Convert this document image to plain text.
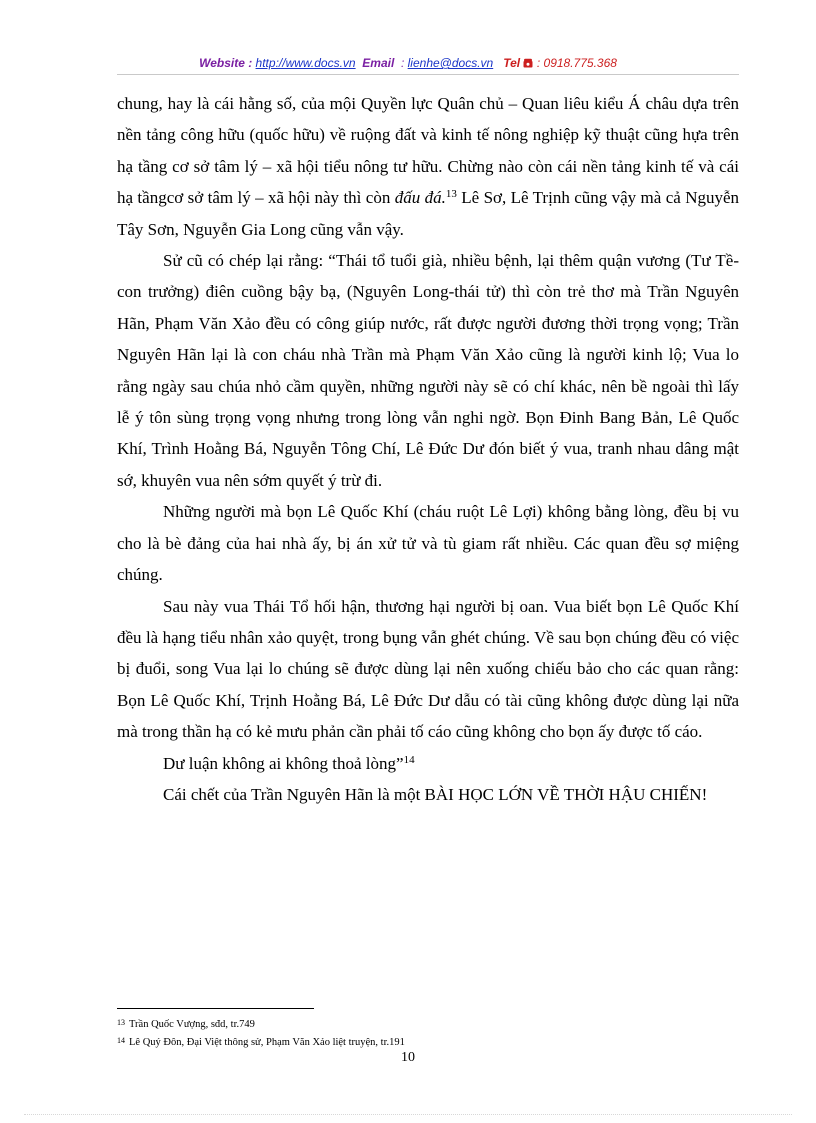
Website : http://www.docs.vn Email : lienhe@docs.vn Tel : 0918.775.368

chung, hay là cái hằng số, của mội Quyền lực Quân chủ – Quan liêu kiểu Á châu dựa trên nền tảng công hữu (quốc hữu) về ruộng đất và kinh tế nông nghiệp kỹ thuật cũng hựa trên hạ tầng cơ sở tâm lý – xã hội tiểu nông tư hữu. Chừng nào còn cái nền tảng kinh tế và cái hạ tầngcơ sở tâm lý – xã hội này thì còn đấu đá.$^{13}$ Lê Sơ, Lê Trịnh cũng vậy mà cả Nguyễn Tây Sơn, Nguyễn Gia Long cũng vẫn vậy.

Sử cũ có chép lại rằng: “Thái tổ tuổi già, nhiều bệnh, lại thêm quận vương (Tư Tề-con trưởng) điên cuồng bậy bạ, (Nguyên Long-thái tử) thì còn trẻ thơ mà Trần Nguyên Hãn, Phạm Văn Xảo đều có công giúp nước, rất được người đương thời trọng vọng; Trần Nguyên Hãn lại là con cháu nhà Trần mà Phạm Văn Xảo cũng là người kinh lộ; Vua lo rằng ngày sau chúa nhỏ cầm quyền, những người này sẽ có chí khác, nên bề ngoài thì lấy lễ ý tôn sùng trọng vọng nhưng trong lòng vẫn nghi ngờ. Bọn Đinh Bang Bản, Lê Quốc Khí, Trình Hoằng Bá, Nguyễn Tông Chí, Lê Đức Dư đón biết ý vua, tranh nhau dâng mật sớ, khuyên vua nên sớm quyết ý trừ đi.

Những người mà bọn Lê Quốc Khí (cháu ruột Lê Lợi) không bằng lòng, đều bị vu cho là bè đảng của hai nhà ấy, bị án xử tử và tù giam rất nhiều. Các quan đều sợ miệng chúng.

Sau này vua Thái Tổ hối hận, thương hại người bị oan. Vua biết bọn Lê Quốc Khí đều là hạng tiểu nhân xảo quyệt, trong bụng vẫn ghét chúng. Về sau bọn chúng đều có việc bị đuổi, song Vua lại lo chúng sẽ được dùng lại nên xuống chiếu bảo cho các quan rằng: Bọn Lê Quốc Khí, Trịnh Hoằng Bá, Lê Đức Dư dẫu có tài cũng không được dùng lại nữa mà trong thần hạ có kẻ mưu phản cần phải tố cáo cũng không cho bọn ấy được tố cáo.

Dư luận không ai không thoả lòng”$^{14}$

Cái chết của Trần Nguyên Hãn là một BÀI HỌC LỚN VỀ THỜI HẬU CHIẾN!

$^{13}$ Trần Quốc Vượng, sđd, tr.749
$^{14}$ Lê Quý Đôn, Đại Việt thông sử, Phạm Văn Xảo liệt truyện, tr.191
10
